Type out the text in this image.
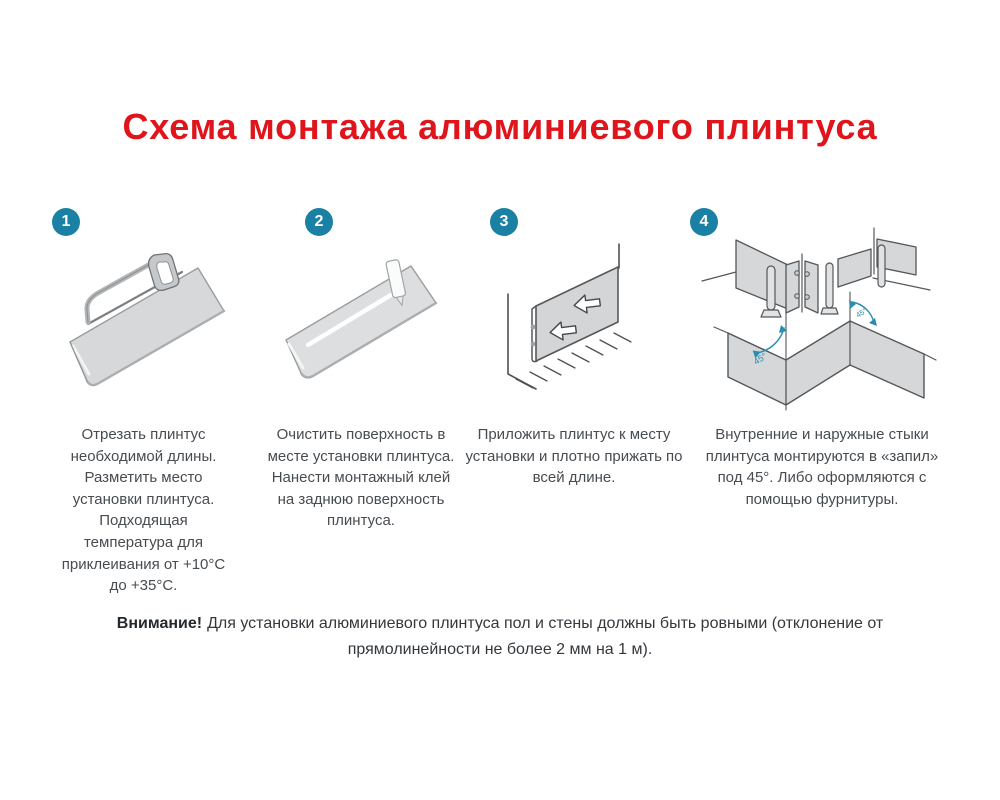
Схема монтажа алюминиевого плинтуса
1	2	3	4
45°
45°

Отрезать плинтус необходимой длины. Разметить место установки плинтуса. Подходящая температура для приклеивания от +10°С до +35°С.

Очистить поверхность в месте установки плинтуса. Нанести монтажный клей на заднюю поверхность плинтуса.

Приложить плинтус к месту установки и плотно прижать по всей длине.

Внутренние и наружные стыки плинтуса монтируются в «запил» под 45°. Либо оформляются с помощью фурнитуры.

Внимание! Для установки алюминиевого плинтуса пол и стены должны быть ровными (отклонение от прямолинейности не более 2 мм на 1 м).
